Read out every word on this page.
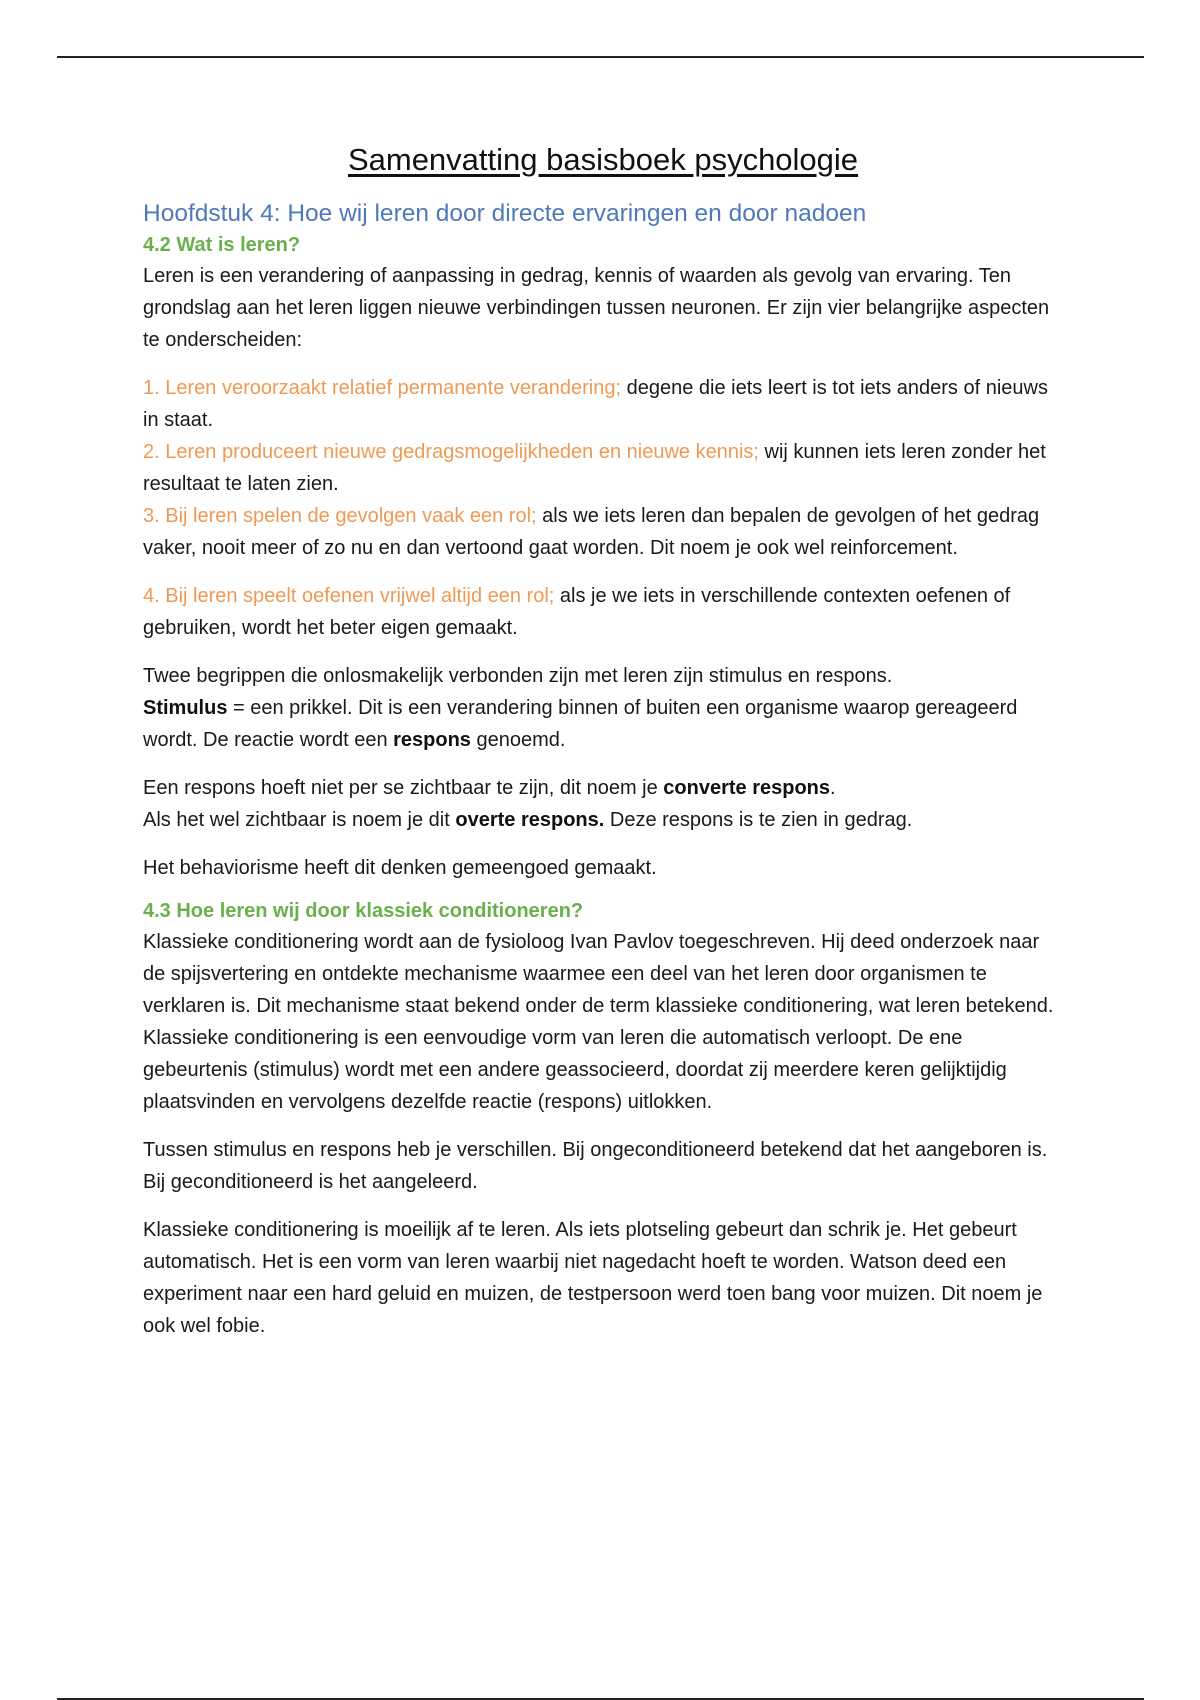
Samenvatting basisboek psychologie
Hoofdstuk 4: Hoe wij leren door directe ervaringen en door nadoen
4.2 Wat is leren?

Leren is een verandering of aanpassing in gedrag, kennis of waarden als gevolg van ervaring. Ten grondslag aan het leren liggen nieuwe verbindingen tussen neuronen. Er zijn vier belangrijke aspecten te onderscheiden:

1. Leren veroorzaakt relatief permanente verandering; degene die iets leert is tot iets anders of nieuws in staat.

2. Leren produceert nieuwe gedragsmogelijkheden en nieuwe kennis; wij kunnen iets leren zonder het resultaat te laten zien.

3. Bij leren spelen de gevolgen vaak een rol; als we iets leren dan bepalen de gevolgen of het gedrag vaker, nooit meer of zo nu en dan vertoond gaat worden. Dit noem je ook wel reinforcement.

4. Bij leren speelt oefenen vrijwel altijd een rol; als je we iets in verschillende contexten oefenen of gebruiken, wordt het beter eigen gemaakt.

Twee begrippen die onlosmakelijk verbonden zijn met leren zijn stimulus en respons.

Stimulus = een prikkel. Dit is een verandering binnen of buiten een organisme waarop gereageerd wordt. De reactie wordt een respons genoemd.

Een respons hoeft niet per se zichtbaar te zijn, dit noem je converte respons.

Als het wel zichtbaar is noem je dit overte respons. Deze respons is te zien in gedrag.

Het behaviorisme heeft dit denken gemeengoed gemaakt.

4.3 Hoe leren wij door klassiek conditioneren?

Klassieke conditionering wordt aan de fysioloog Ivan Pavlov toegeschreven. Hij deed onderzoek naar de spijsvertering en ontdekte mechanisme waarmee een deel van het leren door organismen te verklaren is. Dit mechanisme staat bekend onder de term klassieke conditionering, wat leren betekend. Klassieke conditionering is een eenvoudige vorm van leren die automatisch verloopt. De ene gebeurtenis (stimulus) wordt met een andere geassocieerd, doordat zij meerdere keren gelijktijdig plaatsvinden en vervolgens dezelfde reactie (respons) uitlokken.

Tussen stimulus en respons heb je verschillen. Bij ongeconditioneerd betekend dat het aangeboren is. Bij geconditioneerd is het aangeleerd.

Klassieke conditionering is moeilijk af te leren. Als iets plotseling gebeurt dan schrik je. Het gebeurt automatisch. Het is een vorm van leren waarbij niet nagedacht hoeft te worden. Watson deed een experiment naar een hard geluid en muizen, de testpersoon werd toen bang voor muizen. Dit noem je ook wel fobie.
